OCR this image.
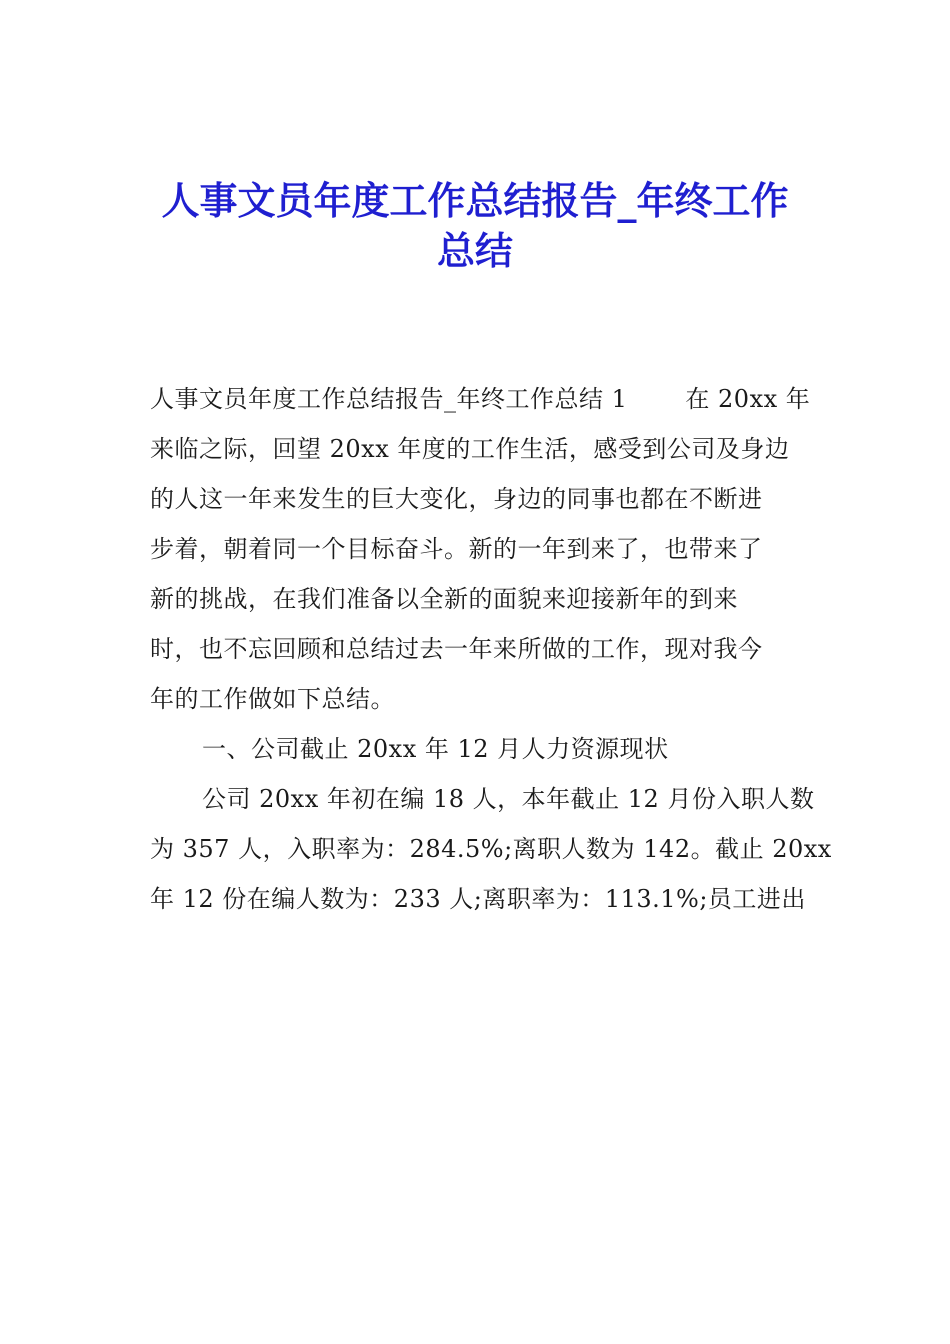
人事文员年度工作总结报告_年终工作
总结
人事文员年度工作总结报告_年终工作总结 1 在 20xx 年
来临之际，回望 20xx 年度的工作生活，感受到公司及身边
的人这一年来发生的巨大变化，身边的同事也都在不断进
步着，朝着同一个目标奋斗。新的一年到来了，也带来了
新的挑战，在我们准备以全新的面貌来迎接新年的到来
时，也不忘回顾和总结过去一年来所做的工作，现对我今
年的工作做如下总结。
一、公司截止 20xx 年 12 月人力资源现状
公司 20xx 年初在编 18 人，本年截止 12 月份入职人数
为 357 人，入职率为：284.5%;离职人数为 142。截止 20xx
年 12 份在编人数为：233 人;离职率为：113.1%;员工进出
